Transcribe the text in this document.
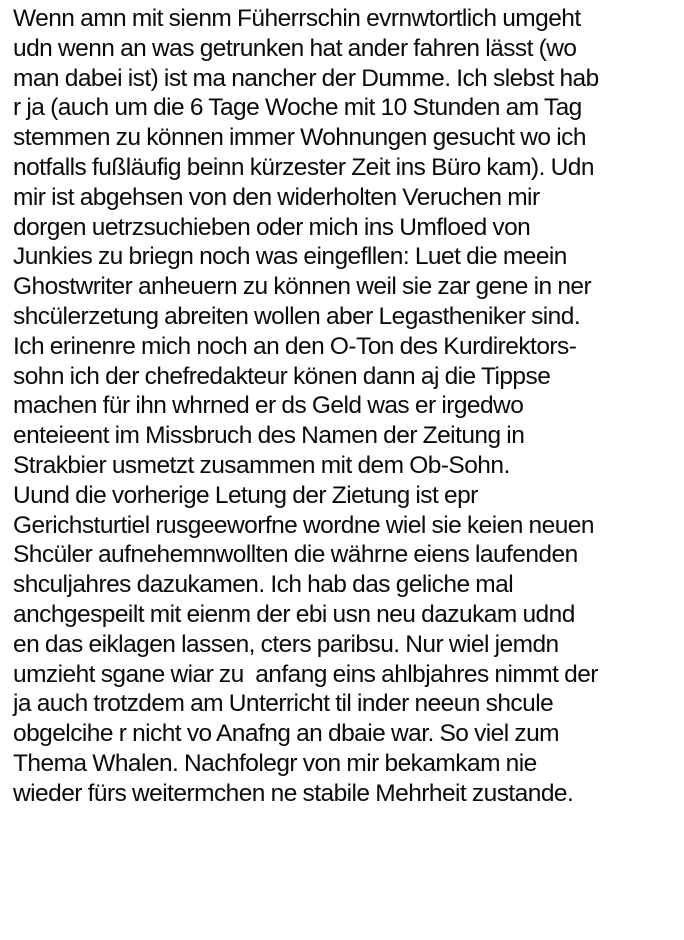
Wenn amn mit sienm Füherrschin evrnwtortlich umgeht
udn wenn an was getrunken hat ander fahren lässt (wo
man dabei ist) ist ma nancher der Dumme. Ich slebst hab
r ja (auch um die 6 Tage Woche mit 10 Stunden am Tag
stemmen zu können immer Wohnungen gesucht wo ich
notfalls fußläufig beinn kürzester Zeit ins Büro kam). Udn
mir ist abgehsen von den widerholten Veruchen mir
dorgen uetrzsuchieben oder mich ins Umfloed von
Junkies zu briegn noch was eingefllen: Luet die meein
Ghostwriter anheuern zu können weil sie zar gene in ner
shcülerzetung abreiten wollen aber Legastheniker sind.
Ich erinenre mich noch an den O-Ton des Kurdirektors-
sohn ich der chefredakteur könen dann aj die Tippse
machen für ihn whrned er ds Geld was er irgedwo
enteieent im Missbruch des Namen der Zeitung in
Strakbier usmetzt zusammen mit dem Ob-Sohn.
Uund die vorherige Letung der Zietung ist epr
Gerichsturtiel rusgeeworfne wordne wiel sie keien neuen
Shcüler aufnehemnwollten die währne eiens laufenden
shculjahres dazukamen. Ich hab das geliche mal
anchgespeilt mit eienm der ebi usn neu dazukam udnd
en das eiklagen lassen, cters paribsu. Nur wiel jemdn
umzieht sgane wiar zu  anfang eins ahlbjahres nimmt der
ja auch trotzdem am Unterricht til inder neeun shcule
obgelcihe r nicht vo Anafng an dbaie war. So viel zum
Thema Whalen. Nachfolegr von mir bekamkam nie
wieder fürs weitermchen ne stabile Mehrheit zustande.
